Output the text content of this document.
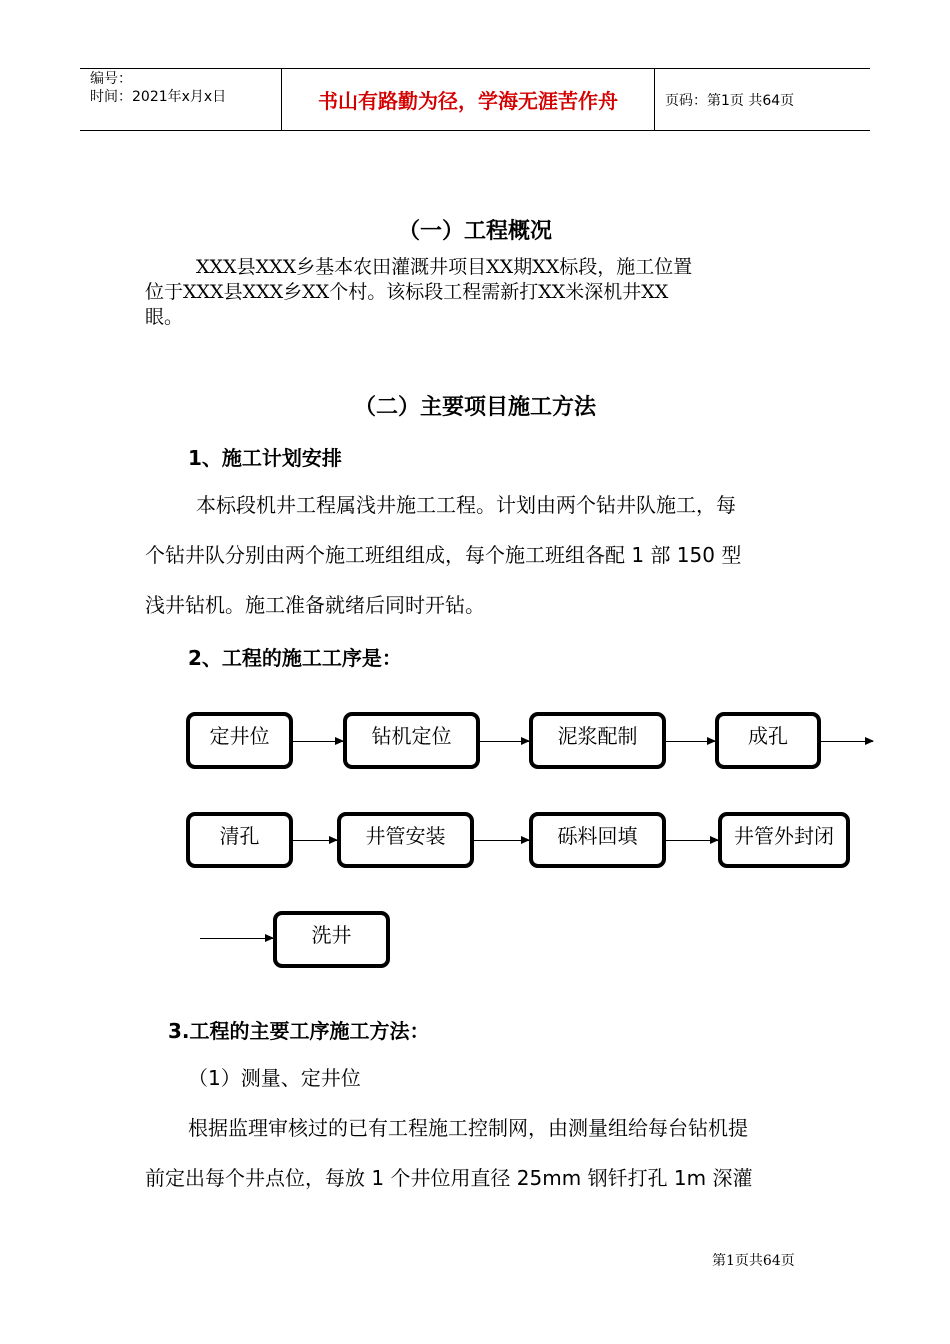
编号：
时间：2021年x月x日	书山有路勤为径，学海无涯苦作舟	页码：第1页 共64页
（一）工程概况
XXX县XXX乡基本农田灌溉井项目XX期XX标段，施工位置
位于XXX县XXX乡XX个村。该标段工程需新打XX米深机井XX
眼。
（二）主要项目施工方法
1、施工计划安排
本标段机井工程属浅井施工工程。计划由两个钻井队施工，每
个钻井队分别由两个施工班组组成，每个施工班组各配 1 部 150 型
浅井钻机。施工准备就绪后同时开钻。
2、工程的施工工序是：
定井位	钻机定位	泥浆配制	成孔
清孔	井管安装	砾料回填	井管外封闭
洗井
3.工程的主要工序施工方法：
（1）测量、定井位
根据监理审核过的已有工程施工控制网，由测量组给每台钻机提
前定出每个井点位，每放 1 个井位用直径 25mm 钢钎打孔 1m 深灌
第1页共64页
